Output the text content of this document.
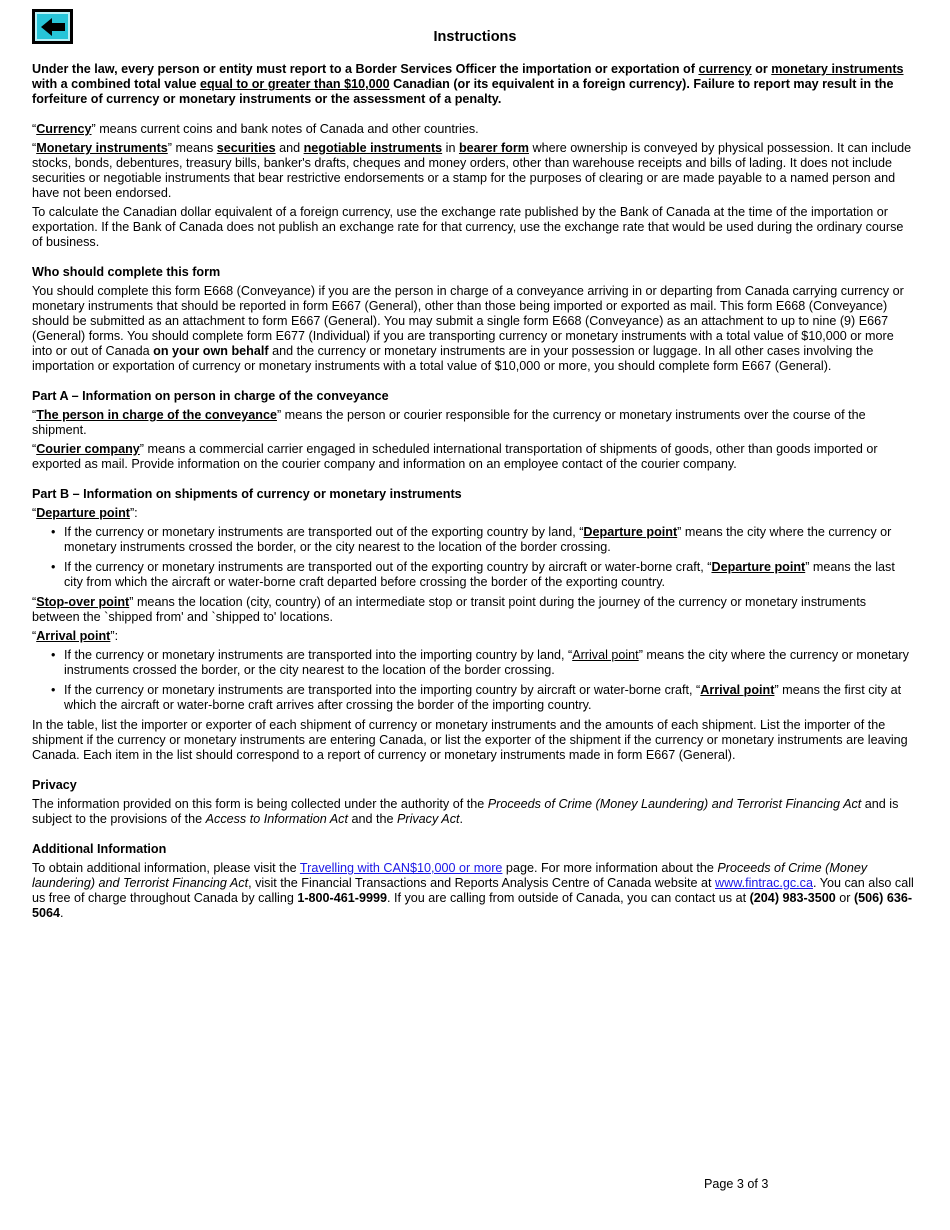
Instructions

Under the law, every person or entity must report to a Border Services Officer the importation or exportation of currency or monetary instruments with a combined total value equal to or greater than $10,000 Canadian (or its equivalent in a foreign currency). Failure to report may result in the forfeiture of currency or monetary instruments or the assessment of a penalty.

“Currency” means current coins and bank notes of Canada and other countries.

“Monetary instruments” means securities and negotiable instruments in bearer form where ownership is conveyed by physical possession. It can include stocks, bonds, debentures, treasury bills, banker's drafts, cheques and money orders, other than warehouse receipts and bills of lading. It does not include securities or negotiable instruments that bear restrictive endorsements or a stamp for the purposes of clearing or are made payable to a named person and have not been endorsed.

To calculate the Canadian dollar equivalent of a foreign currency, use the exchange rate published by the Bank of Canada at the time of the importation or exportation. If the Bank of Canada does not publish an exchange rate for that currency, use the exchange rate that would be used during the ordinary course of business.

Who should complete this form

You should complete this form E668 (Conveyance) if you are the person in charge of a conveyance arriving in or departing from Canada carrying currency or monetary instruments that should be reported in form E667 (General), other than those being imported or exported as mail. This form E668 (Conveyance) should be submitted as an attachment to form E667 (General). You may submit a single form E668 (Conveyance) as an attachment to up to nine (9) E667 (General) forms. You should complete form E677 (Individual) if you are transporting currency or monetary instruments with a total value of $10,000 or more into or out of Canada on your own behalf and the currency or monetary instruments are in your possession or luggage. In all other cases involving the importation or exportation of currency or monetary instruments with a total value of $10,000 or more, you should complete form E667 (General).

Part A – Information on person in charge of the conveyance

“The person in charge of the conveyance” means the person or courier responsible for the currency or monetary instruments over the course of the shipment.

“Courier company” means a commercial carrier engaged in scheduled international transportation of shipments of goods, other than goods imported or exported as mail. Provide information on the courier company and information on an employee contact of the courier company.

Part B – Information on shipments of currency or monetary instruments

“Departure point”:

• If the currency or monetary instruments are transported out of the exporting country by land, “Departure point” means the city where the currency or monetary instruments crossed the border, or the city nearest to the location of the border crossing.
• If the currency or monetary instruments are transported out of the exporting country by aircraft or water-borne craft, “Departure point” means the last city from which the aircraft or water-borne craft departed before crossing the border of the exporting country.

“Stop-over point” means the location (city, country) of an intermediate stop or transit point during the journey of the currency or monetary instruments between the `shipped from' and `shipped to' locations.

“Arrival point”:

• If the currency or monetary instruments are transported into the importing country by land, “Arrival point” means the city where the currency or monetary instruments crossed the border, or the city nearest to the location of the border crossing.
• If the currency or monetary instruments are transported into the importing country by aircraft or water-borne craft, “Arrival point” means the first city at which the aircraft or water-borne craft arrives after crossing the border of the importing country.

In the table, list the importer or exporter of each shipment of currency or monetary instruments and the amounts of each shipment. List the importer of the shipment if the currency or monetary instruments are entering Canada, or list the exporter of the shipment if the currency or monetary instruments are leaving Canada. Each item in the list should correspond to a report of currency or monetary instruments made in form E667 (General).

Privacy

The information provided on this form is being collected under the authority of the Proceeds of Crime (Money Laundering) and Terrorist Financing Act and is subject to the provisions of the Access to Information Act and the Privacy Act.

Additional Information

To obtain additional information, please visit the Travelling with CAN$10,000 or more page. For more information about the Proceeds of Crime (Money laundering) and Terrorist Financing Act, visit the Financial Transactions and Reports Analysis Centre of Canada website at www.fintrac.gc.ca. You can also call us free of charge throughout Canada by calling 1-800-461-9999. If you are calling from outside of Canada, you can contact us at (204) 983-3500 or (506) 636-5064.

Page 3 of 3
